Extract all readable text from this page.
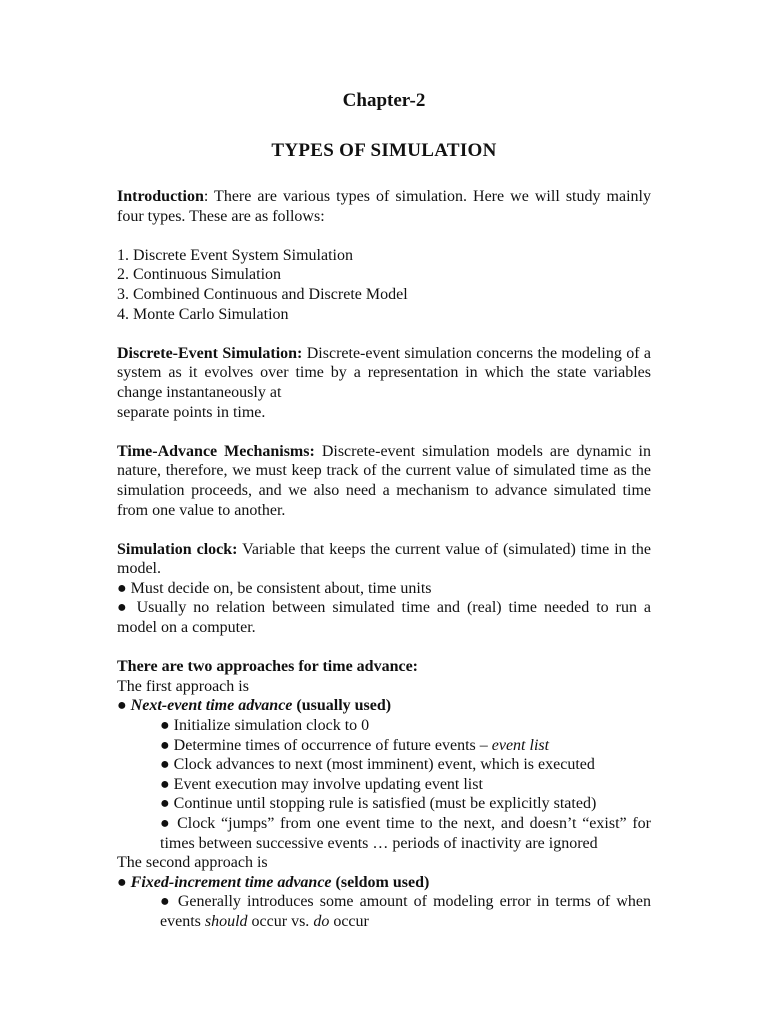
Chapter-2
TYPES OF SIMULATION

Introduction: There are various types of simulation. Here we will study mainly four types. These are as follows:

1. Discrete Event System Simulation
2. Continuous Simulation
3. Combined Continuous and Discrete Model
4. Monte Carlo Simulation

Discrete-Event Simulation: Discrete-event simulation concerns the modeling of a system as it evolves over time by a representation in which the state variables change instantaneously at

separate points in time.

Time-Advance Mechanisms: Discrete-event simulation models are dynamic in nature, therefore, we must keep track of the current value of simulated time as the simulation proceeds, and we also need a mechanism to advance simulated time from one value to another.

Simulation clock: Variable that keeps the current value of (simulated) time in the model.

● Must decide on, be consistent about, time units

● Usually no relation between simulated time and (real) time needed to run a model on a computer.

There are two approaches for time advance:

The first approach is

● Next-event time advance (usually used)

● Initialize simulation clock to 0

● Determine times of occurrence of future events – event list

● Clock advances to next (most imminent) event, which is executed

● Event execution may involve updating event list

● Continue until stopping rule is satisfied (must be explicitly stated)

● Clock “jumps” from one event time to the next, and doesn’t “exist” for

times between successive events … periods of inactivity are ignored

The second approach is

● Fixed-increment time advance (seldom used)

● Generally introduces some amount of modeling error in terms of when

events should occur vs. do occur
